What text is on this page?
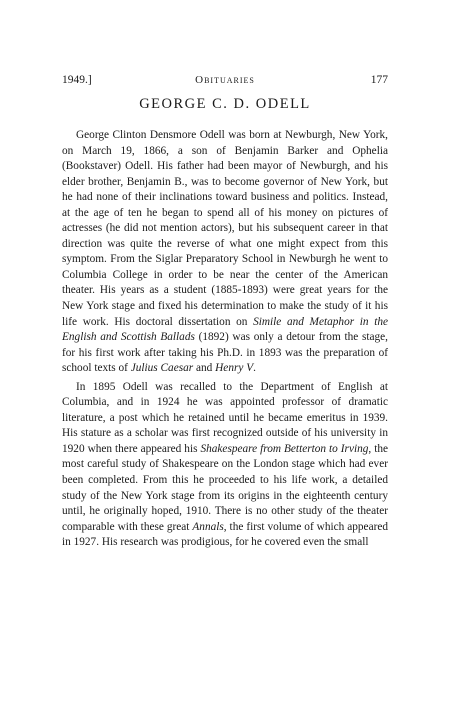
1949.]	Obituaries	177
GEORGE C. D. ODELL

George Clinton Densmore Odell was born at Newburgh, New York, on March 19, 1866, a son of Benjamin Barker and Ophelia (Bookstaver) Odell. His father had been mayor of Newburgh, and his elder brother, Benjamin B., was to become governor of New York, but he had none of their inclinations toward business and politics. Instead, at the age of ten he began to spend all of his money on pictures of actresses (he did not mention actors), but his subsequent career in that direction was quite the reverse of what one might expect from this symptom. From the Siglar Preparatory School in Newburgh he went to Columbia College in order to be near the center of the American theater. His years as a student (1885-1893) were great years for the New York stage and fixed his determination to make the study of it his life work. His doctoral dissertation on Simile and Metaphor in the English and Scottish Ballads (1892) was only a detour from the stage, for his first work after taking his Ph.D. in 1893 was the preparation of school texts of Julius Caesar and Henry V.

In 1895 Odell was recalled to the Department of English at Columbia, and in 1924 he was appointed professor of dramatic literature, a post which he retained until he became emeritus in 1939. His stature as a scholar was first recognized outside of his university in 1920 when there appeared his Shakespeare from Betterton to Irving, the most careful study of Shakespeare on the London stage which had ever been completed. From this he proceeded to his life work, a detailed study of the New York stage from its origins in the eighteenth century until, he originally hoped, 1910. There is no other study of the theater comparable with these great Annals, the first volume of which appeared in 1927. His research was prodigious, for he covered even the small
